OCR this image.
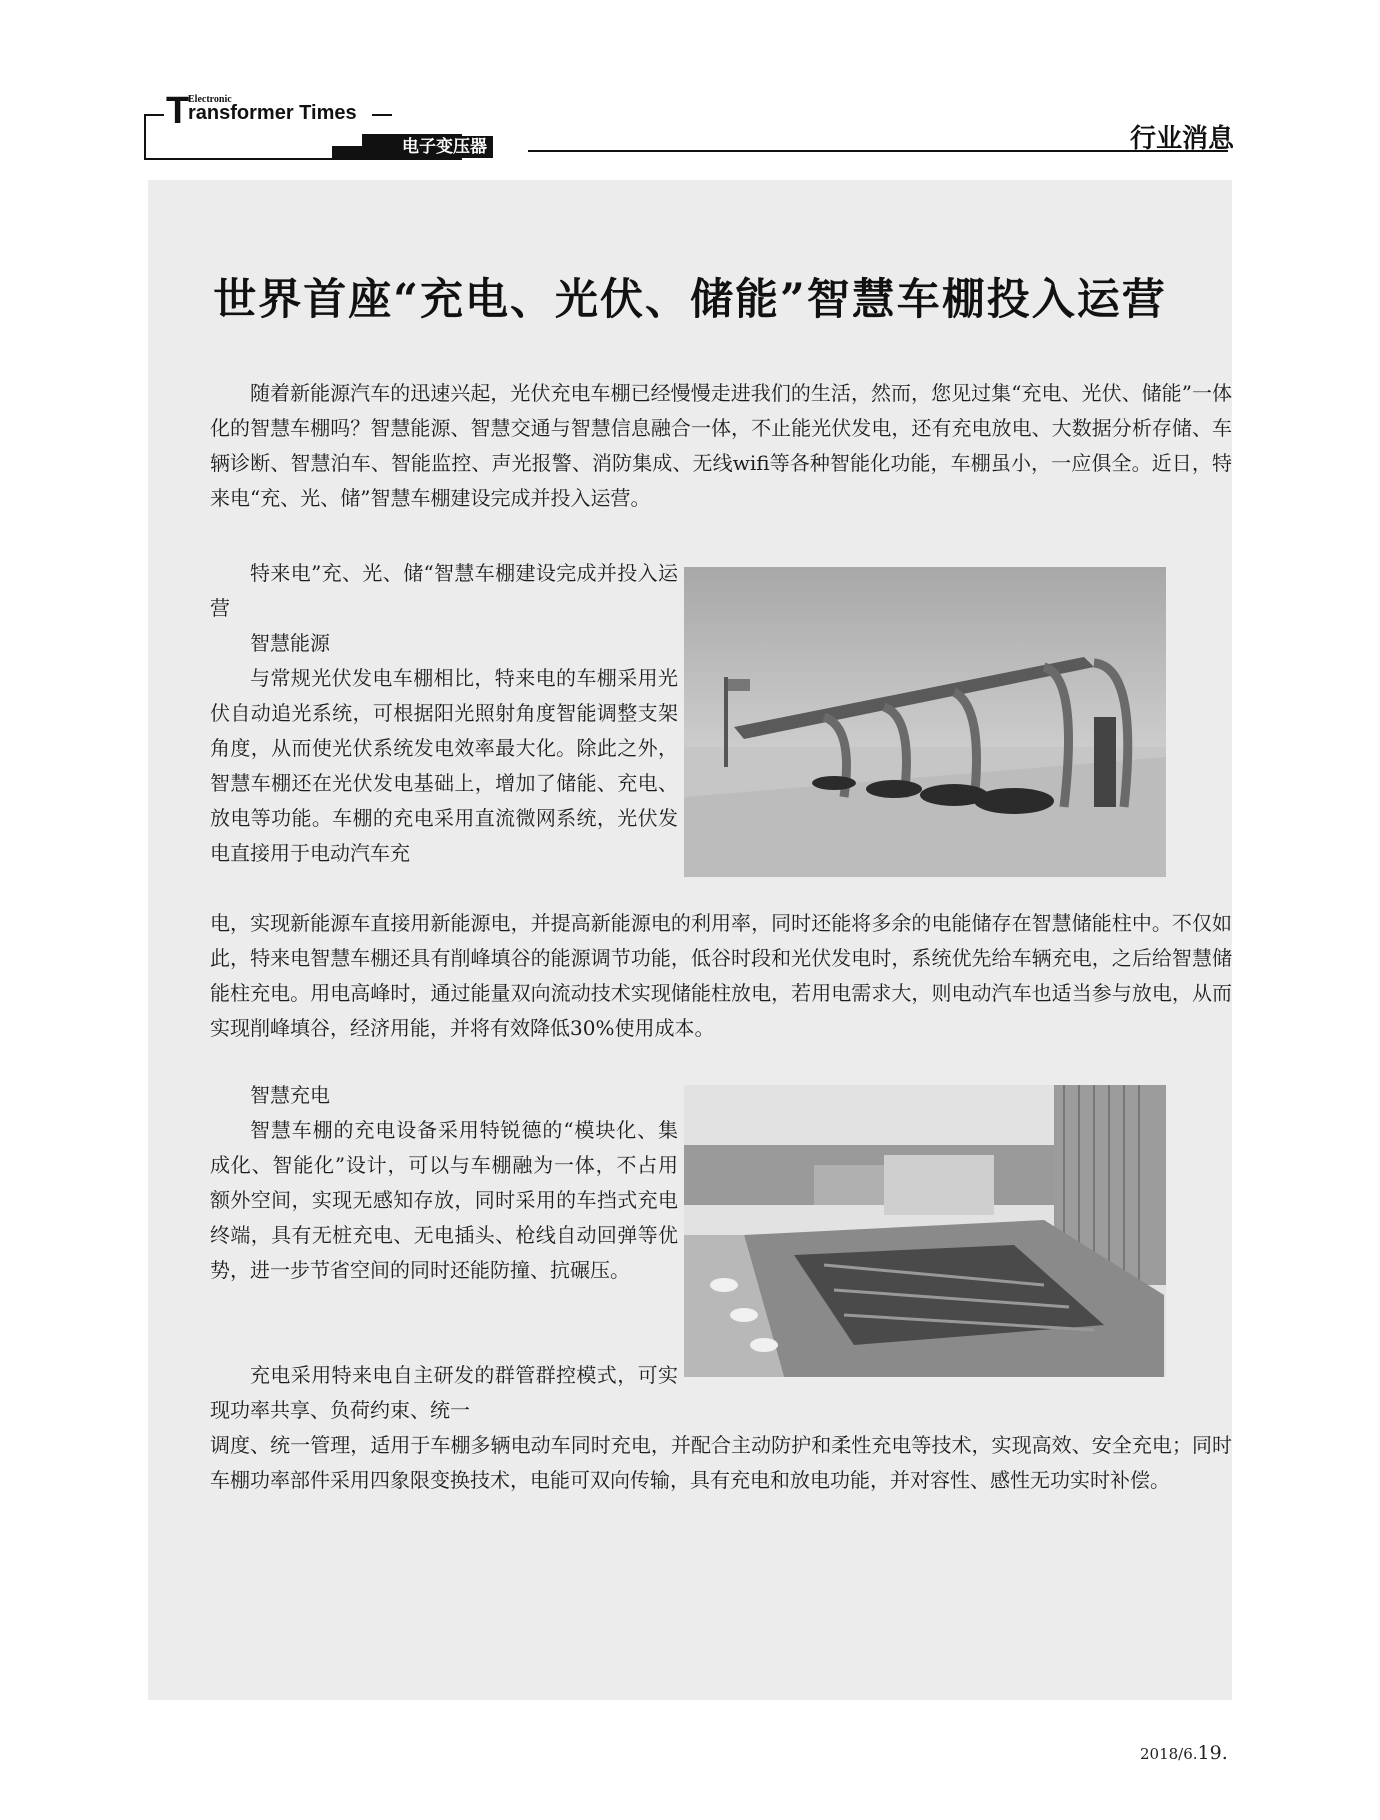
T
Electronic
ransformer Times
电子变压器	行业消息
世界首座“充电、光伏、储能”智慧车棚投入运营
随着新能源汽车的迅速兴起，光伏充电车棚已经慢慢走进我们的生活，然而，您见过集“充电、光伏、储能”一体化的智慧车棚吗？智慧能源、智慧交通与智慧信息融合一体，不止能光伏发电，还有充电放电、大数据分析存储、车辆诊断、智慧泊车、智能监控、声光报警、消防集成、无线wifi等各种智能化功能，车棚虽小，一应俱全。近日，特来电“充、光、储”智慧车棚建设完成并投入运营。
特来电”充、光、储“智慧车棚建设完成并投入运营
智慧能源
与常规光伏发电车棚相比，特来电的车棚采用光伏自动追光系统，可根据阳光照射角度智能调整支架角度，从而使光伏系统发电效率最大化。除此之外，智慧车棚还在光伏发电基础上，增加了储能、充电、放电等功能。车棚的充电采用直流微网系统，光伏发电直接用于电动汽车充
电，实现新能源车直接用新能源电，并提高新能源电的利用率，同时还能将多余的电能储存在智慧储能柱中。不仅如此，特来电智慧车棚还具有削峰填谷的能源调节功能，低谷时段和光伏发电时，系统优先给车辆充电，之后给智慧储能柱充电。用电高峰时，通过能量双向流动技术实现储能柱放电，若用电需求大，则电动汽车也适当参与放电，从而实现削峰填谷，经济用能，并将有效降低30%使用成本。
智慧充电
智慧车棚的充电设备采用特锐德的“模块化、集成化、智能化”设计，可以与车棚融为一体，不占用额外空间，实现无感知存放，同时采用的车挡式充电终端，具有无桩充电、无电插头、枪线自动回弹等优势，进一步节省空间的同时还能防撞、抗碾压。
充电采用特来电自主研发的群管群控模式，可实现功率共享、负荷约束、统一
调度、统一管理，适用于车棚多辆电动车同时充电，并配合主动防护和柔性充电等技术，实现高效、安全充电；同时车棚功率部件采用四象限变换技术，电能可双向传输，具有充电和放电功能，并对容性、感性无功实时补偿。
2018/6.19.
